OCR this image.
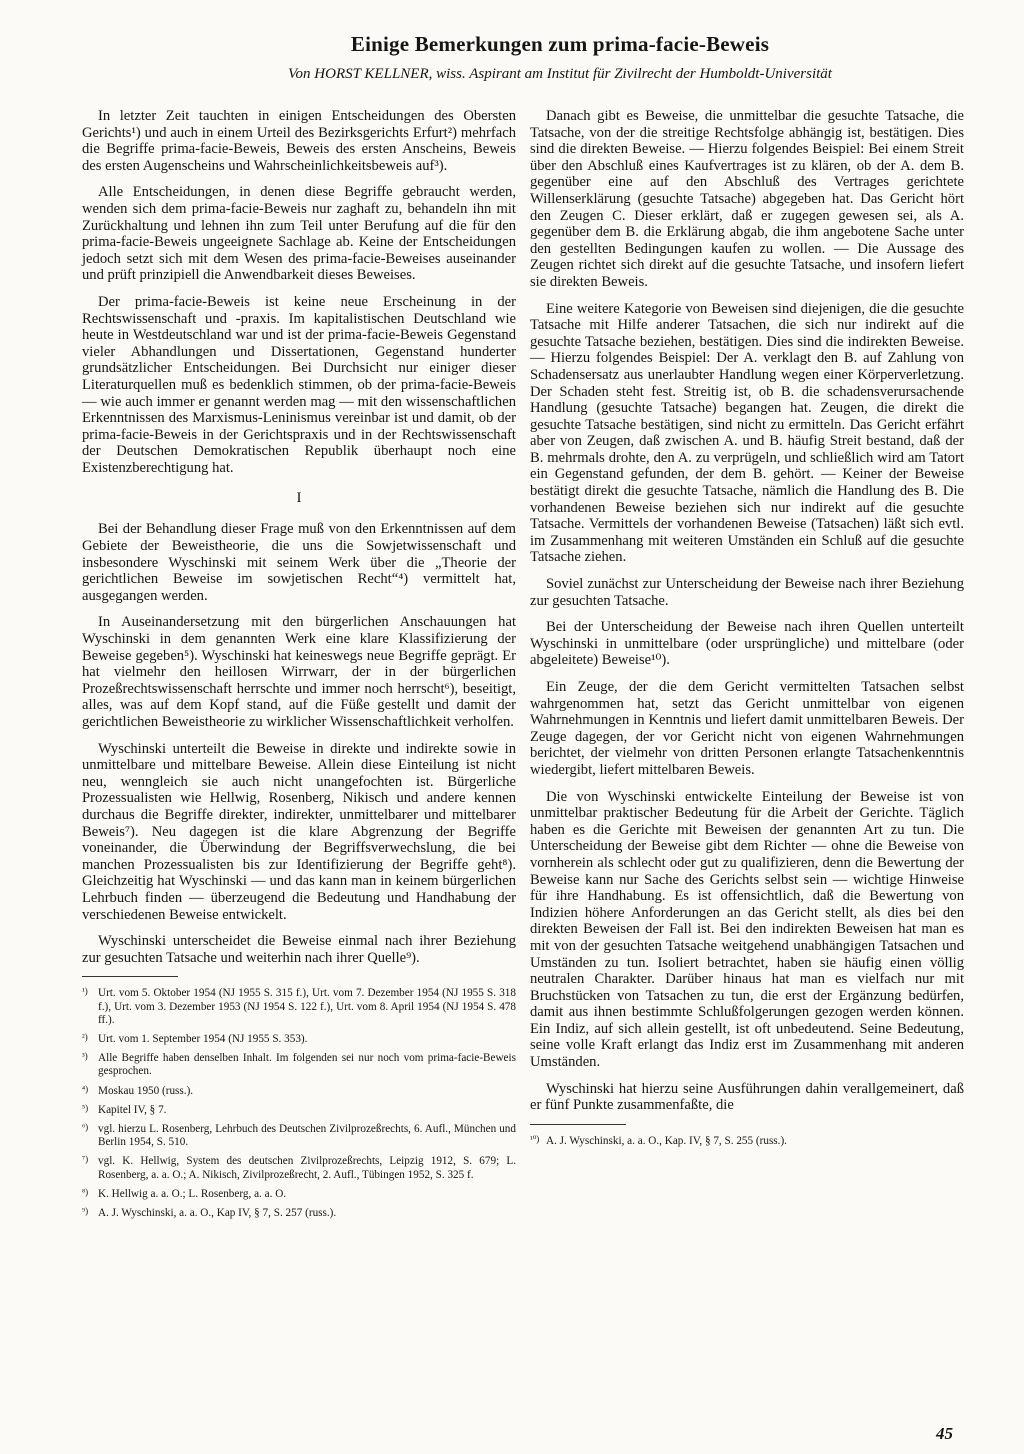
Einige Bemerkungen zum prima-facie-Beweis

Von HORST KELLNER, wiss. Aspirant am Institut für Zivilrecht der Humboldt-Universität

In letzter Zeit tauchten in einigen Entscheidungen des Obersten Gerichts¹) und auch in einem Urteil des Bezirksgerichts Erfurt²) mehrfach die Begriffe prima-facie-Beweis, Beweis des ersten Anscheins, Beweis des ersten Augenscheins und Wahrscheinlichkeitsbeweis auf³).

Alle Entscheidungen, in denen diese Begriffe gebraucht werden, wenden sich dem prima-facie-Beweis nur zaghaft zu, behandeln ihn mit Zurückhaltung und lehnen ihn zum Teil unter Berufung auf die für den prima-facie-Beweis ungeeignete Sachlage ab. Keine der Entscheidungen jedoch setzt sich mit dem Wesen des prima-facie-Beweises auseinander und prüft prinzipiell die Anwendbarkeit dieses Beweises.

Der prima-facie-Beweis ist keine neue Erscheinung in der Rechtswissenschaft und -praxis. Im kapitalistischen Deutschland wie heute in Westdeutschland war und ist der prima-facie-Beweis Gegenstand vieler Abhandlungen und Dissertationen, Gegenstand hunderter grundsätzlicher Entscheidungen. Bei Durchsicht nur einiger dieser Literaturquellen muß es bedenklich stimmen, ob der prima-facie-Beweis — wie auch immer er genannt werden mag — mit den wissenschaftlichen Erkenntnissen des Marxismus-Leninismus vereinbar ist und damit, ob der prima-facie-Beweis in der Gerichtspraxis und in der Rechtswissenschaft der Deutschen Demokratischen Republik überhaupt noch eine Existenzberechtigung hat.

I

Bei der Behandlung dieser Frage muß von den Erkenntnissen auf dem Gebiete der Beweistheorie, die uns die Sowjetwissenschaft und insbesondere Wyschinski mit seinem Werk über die „Theorie der gerichtlichen Beweise im sowjetischen Recht“⁴) vermittelt hat, ausgegangen werden.

In Auseinandersetzung mit den bürgerlichen Anschauungen hat Wyschinski in dem genannten Werk eine klare Klassifizierung der Beweise gegeben⁵). Wyschinski hat keineswegs neue Begriffe geprägt. Er hat vielmehr den heillosen Wirrwarr, der in der bürgerlichen Prozeßrechtswissenschaft herrschte und immer noch herrscht⁶), beseitigt, alles, was auf dem Kopf stand, auf die Füße gestellt und damit der gerichtlichen Beweistheorie zu wirklicher Wissenschaftlichkeit verholfen.

Wyschinski unterteilt die Beweise in direkte und indirekte sowie in unmittelbare und mittelbare Beweise. Allein diese Einteilung ist nicht neu, wenngleich sie auch nicht unangefochten ist. Bürgerliche Prozessualisten wie Hellwig, Rosenberg, Nikisch und andere kennen durchaus die Begriffe direkter, indirekter, unmittelbarer und mittelbarer Beweis⁷). Neu dagegen ist die klare Abgrenzung der Begriffe voneinander, die Überwindung der Begriffsverwechslung, die bei manchen Prozessualisten bis zur Identifizierung der Begriffe geht⁸). Gleichzeitig hat Wyschinski — und das kann man in keinem bürgerlichen Lehrbuch finden — überzeugend die Bedeutung und Handhabung der verschiedenen Beweise entwickelt.

Wyschinski unterscheidet die Beweise einmal nach ihrer Beziehung zur gesuchten Tatsache und weiterhin nach ihrer Quelle⁹).

¹) Urt. vom 5. Oktober 1954 (NJ 1955 S. 315 f.), Urt. vom 7. Dezember 1954 (NJ 1955 S. 318 f.), Urt. vom 3. Dezember 1953 (NJ 1954 S. 122 f.), Urt. vom 8. April 1954 (NJ 1954 S. 478 ff.).
²) Urt. vom 1. September 1954 (NJ 1955 S. 353).
³) Alle Begriffe haben denselben Inhalt. Im folgenden sei nur noch vom prima-facie-Beweis gesprochen.
⁴) Moskau 1950 (russ.).
⁵) Kapitel IV, § 7.
⁶) vgl. hierzu L. Rosenberg, Lehrbuch des Deutschen Zivilprozeßrechts, 6. Aufl., München und Berlin 1954, S. 510.
⁷) vgl. K. Hellwig, System des deutschen Zivilprozeßrechts, Leipzig 1912, S. 679; L. Rosenberg, a. a. O.; A. Nikisch, Zivilprozeßrecht, 2. Aufl., Tübingen 1952, S. 325 f.
⁸) K. Hellwig a. a. O.; L. Rosenberg, a. a. O.
⁹) A. J. Wyschinski, a. a. O., Kap IV, § 7, S. 257 (russ.).

Danach gibt es Beweise, die unmittelbar die gesuchte Tatsache, die Tatsache, von der die streitige Rechtsfolge abhängig ist, bestätigen. Dies sind die direkten Beweise. — Hierzu folgendes Beispiel: Bei einem Streit über den Abschluß eines Kaufvertrages ist zu klären, ob der A. dem B. gegenüber eine auf den Abschluß des Vertrages gerichtete Willenserklärung (gesuchte Tatsache) abgegeben hat. Das Gericht hört den Zeugen C. Dieser erklärt, daß er zugegen gewesen sei, als A. gegenüber dem B. die Erklärung abgab, die ihm angebotene Sache unter den gestellten Bedingungen kaufen zu wollen. — Die Aussage des Zeugen richtet sich direkt auf die gesuchte Tatsache, und insofern liefert sie direkten Beweis.

Eine weitere Kategorie von Beweisen sind diejenigen, die die gesuchte Tatsache mit Hilfe anderer Tatsachen, die sich nur indirekt auf die gesuchte Tatsache beziehen, bestätigen. Dies sind die indirekten Beweise. — Hierzu folgendes Beispiel: Der A. verklagt den B. auf Zahlung von Schadensersatz aus unerlaubter Handlung wegen einer Körperverletzung. Der Schaden steht fest. Streitig ist, ob B. die schadensverursachende Handlung (gesuchte Tatsache) begangen hat. Zeugen, die direkt die gesuchte Tatsache bestätigen, sind nicht zu ermitteln. Das Gericht erfährt aber von Zeugen, daß zwischen A. und B. häufig Streit bestand, daß der B. mehrmals drohte, den A. zu verprügeln, und schließlich wird am Tatort ein Gegenstand gefunden, der dem B. gehört. — Keiner der Beweise bestätigt direkt die gesuchte Tatsache, nämlich die Handlung des B. Die vorhandenen Beweise beziehen sich nur indirekt auf die gesuchte Tatsache. Vermittels der vorhandenen Beweise (Tatsachen) läßt sich evtl. im Zusammenhang mit weiteren Umständen ein Schluß auf die gesuchte Tatsache ziehen.

Soviel zunächst zur Unterscheidung der Beweise nach ihrer Beziehung zur gesuchten Tatsache.

Bei der Unterscheidung der Beweise nach ihren Quellen unterteilt Wyschinski in unmittelbare (oder ursprüngliche) und mittelbare (oder abgeleitete) Beweise¹⁰).

Ein Zeuge, der die dem Gericht vermittelten Tatsachen selbst wahrgenommen hat, setzt das Gericht unmittelbar von eigenen Wahrnehmungen in Kenntnis und liefert damit unmittelbaren Beweis. Der Zeuge dagegen, der vor Gericht nicht von eigenen Wahrnehmungen berichtet, der vielmehr von dritten Personen erlangte Tatsachenkenntnis wiedergibt, liefert mittelbaren Beweis.

Die von Wyschinski entwickelte Einteilung der Beweise ist von unmittelbar praktischer Bedeutung für die Arbeit der Gerichte. Täglich haben es die Gerichte mit Beweisen der genannten Art zu tun. Die Unterscheidung der Beweise gibt dem Richter — ohne die Beweise von vornherein als schlecht oder gut zu qualifizieren, denn die Bewertung der Beweise kann nur Sache des Gerichts selbst sein — wichtige Hinweise für ihre Handhabung. Es ist offensichtlich, daß die Bewertung von Indizien höhere Anforderungen an das Gericht stellt, als dies bei den direkten Beweisen der Fall ist. Bei den indirekten Beweisen hat man es mit von der gesuchten Tatsache weitgehend unabhängigen Tatsachen und Umständen zu tun. Isoliert betrachtet, haben sie häufig einen völlig neutralen Charakter. Darüber hinaus hat man es vielfach nur mit Bruchstücken von Tatsachen zu tun, die erst der Ergänzung bedürfen, damit aus ihnen bestimmte Schlußfolgerungen gezogen werden können. Ein Indiz, auf sich allein gestellt, ist oft unbedeutend. Seine Bedeutung, seine volle Kraft erlangt das Indiz erst im Zusammenhang mit anderen Umständen.

Wyschinski hat hierzu seine Ausführungen dahin verallgemeinert, daß er fünf Punkte zusammenfaßte, die

¹⁰) A. J. Wyschinski, a. a. O., Kap. IV, § 7, S. 255 (russ.).
45
